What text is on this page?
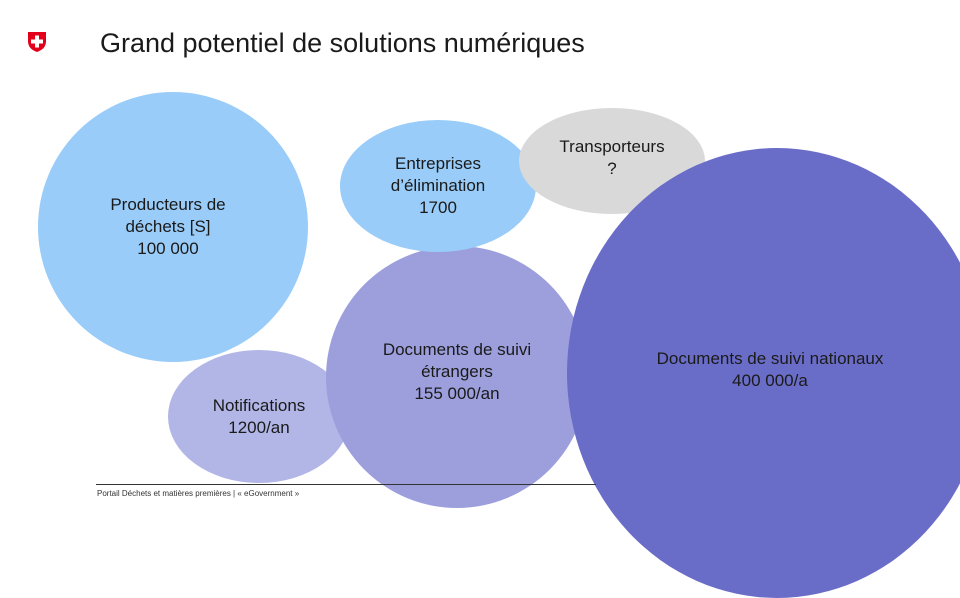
Grand potentiel de solutions numériques
Producteurs de
déchets [S]
100 000
Notifications
1200/an
Documents de suivi
étrangers
155 000/an
Entreprises
d’élimination
1700
Transporteurs
?
Documents de suivi nationaux
400 000/a
Portail Déchets et matières premières | « eGovernment »
